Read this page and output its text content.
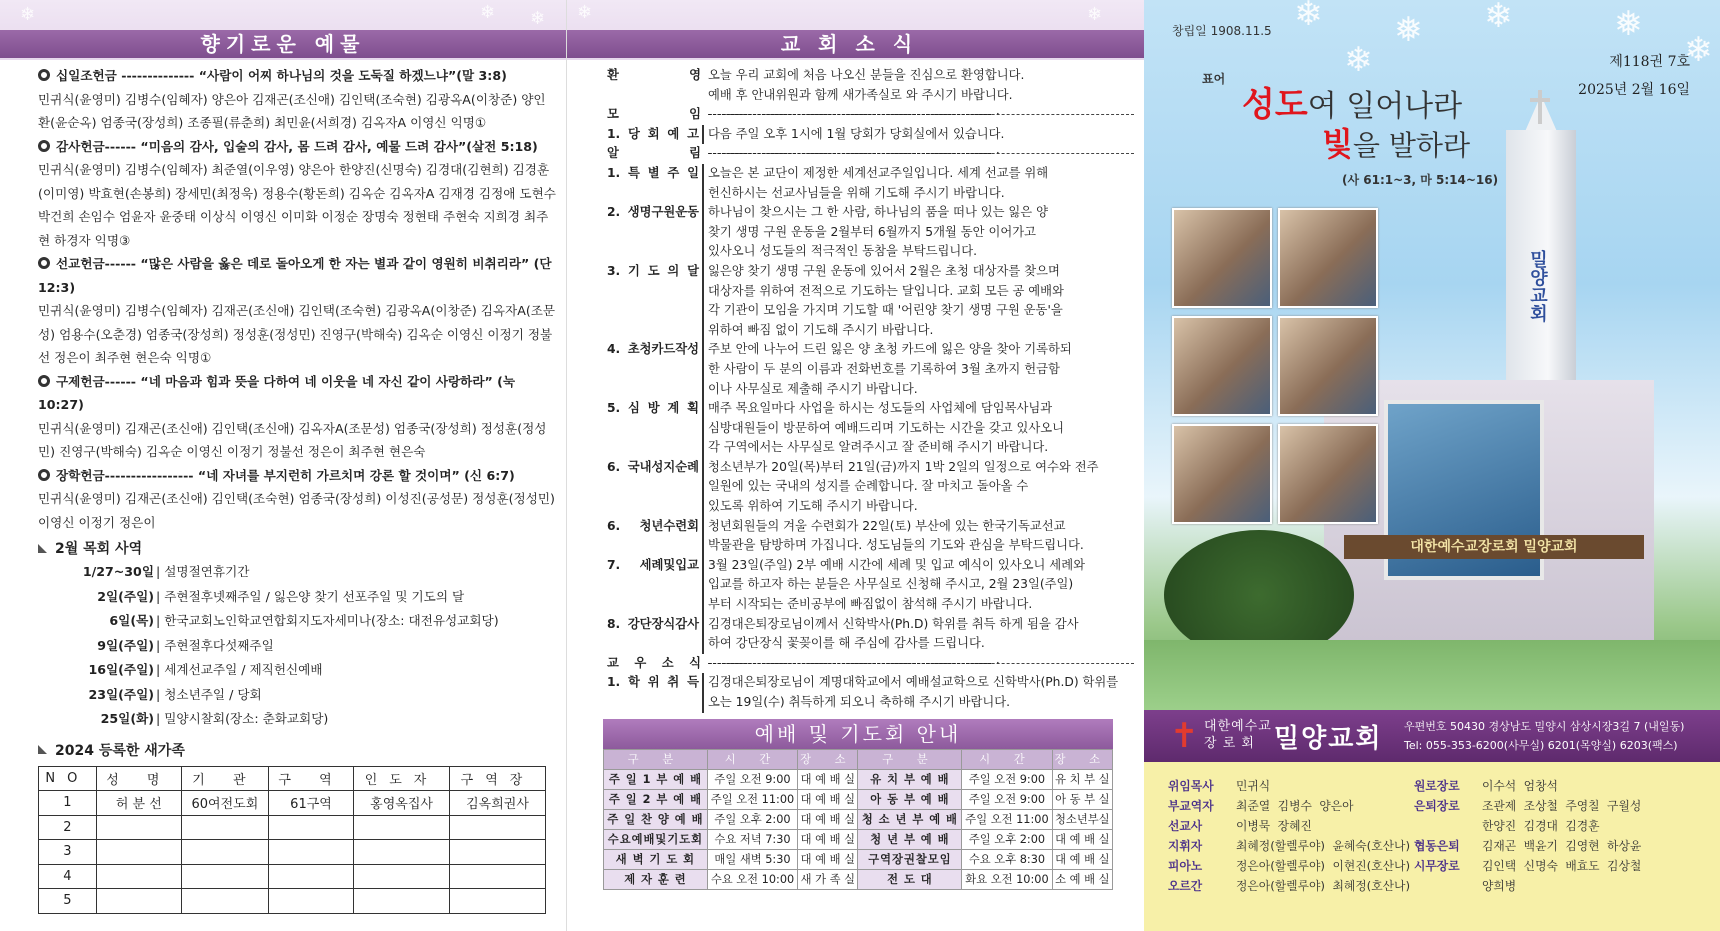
❄	❄ ❄
향기로운 예물
십일조헌금 -------------- “사람이 어찌 하나님의 것을 도둑질 하겠느냐”(말 3:8)
민귀식(윤영미) 김병수(임혜자) 양은아 김재곤(조신애) 김인택(조숙현) 김광옥A(이창준) 양인환(윤순옥) 엄종국(장성희) 조종필(류춘희) 최민윤(서희경) 김옥자A 이영신 익명①
감사헌금------ “미음의 감사, 입술의 감사, 몸 드려 감사, 예물 드려 감사”(살전 5:18)
민귀식(윤영미) 김병수(임혜자) 최준열(이우영) 양은아 한양진(신명숙) 김경대(김현희) 김경훈(이미영) 박효현(손봉희) 장세민(최정욱) 정용수(황돈희) 김옥순 김옥자A 김재경 김정애 도현수 박건희 손임수 엄윤자 윤중태 이상식 이영신 이미화 이정순 장명숙 정현태 주현숙 지희경 최주현 하경자 익명③
선교헌금------ “많은 사람을 옳은 데로 돌아오게 한 자는 별과 같이 영원히 비취리라” (단 12:3)
민귀식(윤영미) 김병수(임혜자) 김재곤(조신애) 김인택(조숙현) 김광옥A(이창준) 김옥자A(조문성) 엄용수(오춘경) 엄종국(장성희) 정성훈(정성민) 진영구(박해숙) 김옥순 이영신 이정기 정불선 정은이 최주현 현은숙 익명①
구제헌금------ “네 마음과 힘과 뜻을 다하여 네 이웃을 네 자신 같이 사랑하라” (눅 10:27)
민귀식(윤영미) 김재곤(조신애) 김인택(조신애) 김옥자A(조문성) 엄종국(장성희) 정성훈(정성민) 진영구(박해숙) 김옥순 이영신 이정기 정불선 정은이 최주현 현은숙
장학헌금----------------- “네 자녀를 부지런히 가르치며 강론 할 것이며” (신 6:7)
민귀식(윤영미) 김재곤(조신애) 김인택(조숙현) 엄종국(장성희) 이성진(공성문) 정성훈(정성민) 이영신 이정기 정은이
2월 목회 사역
1/27~30일 | 설명절연휴기간
2일(주일) | 주현절후넷째주일 / 잃은양 찾기 선포주일 및 기도의 달
6일(목) | 한국교회노인학교연합회지도자세미나(장소: 대전유성교회당)
9일(주일) | 주현절후다섯째주일
16일(주일) | 세계선교주일 / 제직헌신예배
23일(주일) | 청소년주일 / 당회
25일(화) | 밀양시찰회(장소: 춘화교회당)
2024 등록한 새가족
NO	성 명	기 관	구 역	인도자	구역장
1	허 분 선	60여전도회	61구역	홍영옥집사	김옥희권사
2					
3					
4					
5					
❄	❄
교회소식
환 영 오늘 우리 교회에 처음 나오신 분들을 진심으로 환영합니다.
예배 후 안내위원과 함께 새가족실로 와 주시기 바랍니다.
모 임 ---------------------------------------------------------------- ·
1. 당 회 예 고 다음 주일 오후 1시에 1월 당회가 당회실에서 있습니다.
알 림 ---------------------------------------------------------------- ·
1. 특 별 주 일 오늘은 본 교단이 제정한 세계선교주일입니다. 세계 선교를 위해
헌신하시는 선교사님들을 위해 기도해 주시기 바랍니다.
2. 생명구원운동 하나님이 찾으시는 그 한 사람, 하나님의 품을 떠나 있는 잃은 양
찾기 생명 구원 운동을 2월부터 6월까지 5개월 동안 이어가고
있사오니 성도들의 적극적인 동참을 부탁드립니다.
3. 기 도 의 달 잃은양 찾기 생명 구원 운동에 있어서 2월은 초청 대상자를 찾으며
대상자를 위하여 전적으로 기도하는 달입니다. 교회 모든 공 예배와
각 기관이 모임을 가지며 기도할 때 '어린양 찾기 생명 구원 운동'을
위하여 빠짐 없이 기도해 주시기 바랍니다.
4. 초청카드작성 주보 안에 나누어 드린 잃은 양 초청 카드에 잃은 양을 찾아 기록하되
한 사람이 두 분의 이름과 전화번호를 기록하여 3월 초까지 헌금함
이나 사무실로 제출해 주시기 바랍니다.
5. 심 방 계 획 매주 목요일마다 사업을 하시는 성도들의 사업체에 담임목사님과
심방대원들이 방문하여 예배드리며 기도하는 시간을 갖고 있사오니
각 구역에서는 사무실로 알려주시고 잘 준비해 주시기 바랍니다.
6. 국내성지순례 청소년부가 20일(목)부터 21일(금)까지 1박 2일의 일정으로 여수와 전주
일원에 있는 국내의 성지를 순례합니다. 잘 마치고 돌아올 수
있도록 위하여 기도해 주시기 바랍니다.
6. 청년수련회 청년회원들의 겨울 수련회가 22일(토) 부산에 있는 한국기독교선교
박물관을 탐방하며 가집니다. 성도님들의 기도와 관심을 부탁드립니다.
7. 세례및입교 3월 23일(주일) 2부 예배 시간에 세례 및 입교 예식이 있사오니 세례와
입교를 하고자 하는 분들은 사무실로 신청해 주시고, 2월 23일(주일)
부터 시작되는 준비공부에 빠짐없이 참석해 주시기 바랍니다.
8. 강단장식감사 김경대은퇴장로님이께서 신학박사(Ph.D) 학위를 취득 하게 됨을 감사
하여 강단장식 꽃꽂이를 해 주심에 감사를 드립니다.
교 우 소 식 ---------------------------------------------------------------- ·
1. 학 위 취 득 김경대은퇴장로님이 계명대학교에서 예배설교학으로 신학박사(Ph.D) 학위를
오는 19일(수) 취득하게 되오니 축하해 주시기 바랍니다.
예배 및 기도회 안내
구 분	시 간	장 소	구 분	시 간	장 소
주 일 1 부 예 배	주일 오전 9:00	대 예 배 실	유 치 부 예 배	주일 오전 9:00	유 치 부 실
주 일 2 부 예 배	주일 오전 11:00	대 예 배 실	아 동 부 예 배	주일 오전 9:00	아 동 부 실
주 일 찬 양 예 배	주일 오후 2:00	대 예 배 실	청 소 년 부 예 배	주일 오전 11:00	청소년부실
수요예배및기도회	수요 저녁 7:30	대 예 배 실	청 년 부 예 배	주일 오후 2:00	대 예 배 실
새 벽 기 도 회	매일 새벽 5:30	대 예 배 실	구역장권찰모임	수요 오후 8:30	대 예 배 실
제 자 훈 련	수요 오전 10:00	새 가 족 실	전 도 대	화요 오전 10:00	소 예 배 실
❄ ❅ ❄	❅
❄
❄
밀양교회
대한예수교장로회 밀양교회
창립일 1908.11.5
제118권 7호
2025년 2월 16일
표어
성도여 일어나라
빛을 발하라
(사 61:1~3, 마 5:14~16)
✝ 대한예수교
장 로 회 밀양교회 우편번호 50430 경상남도 밀양시 삼상시장3길 7 (내일동)
Tel: 055-353-6200(사무실) 6201(목양실) 6203(팩스)
위임목사	민귀식
부교역자	최준열  김병수  양은아
선교사	이병묵  장혜진
지휘자	최혜정(할렐루야)  윤혜숙(호산나)
피아노	정은아(할렐루야)  이현진(호산나)
오르간	정은아(할렐루야)  최혜정(호산나)
원로장로	이수석  엄창석
은퇴장로	조관제  조상철  주영칠  구월성
한양진  김경대  김경훈
협동은퇴	김재곤  백윤기  김영현  하상윤
시무장로	김인택  신명숙  배효도  김상철
양희병
